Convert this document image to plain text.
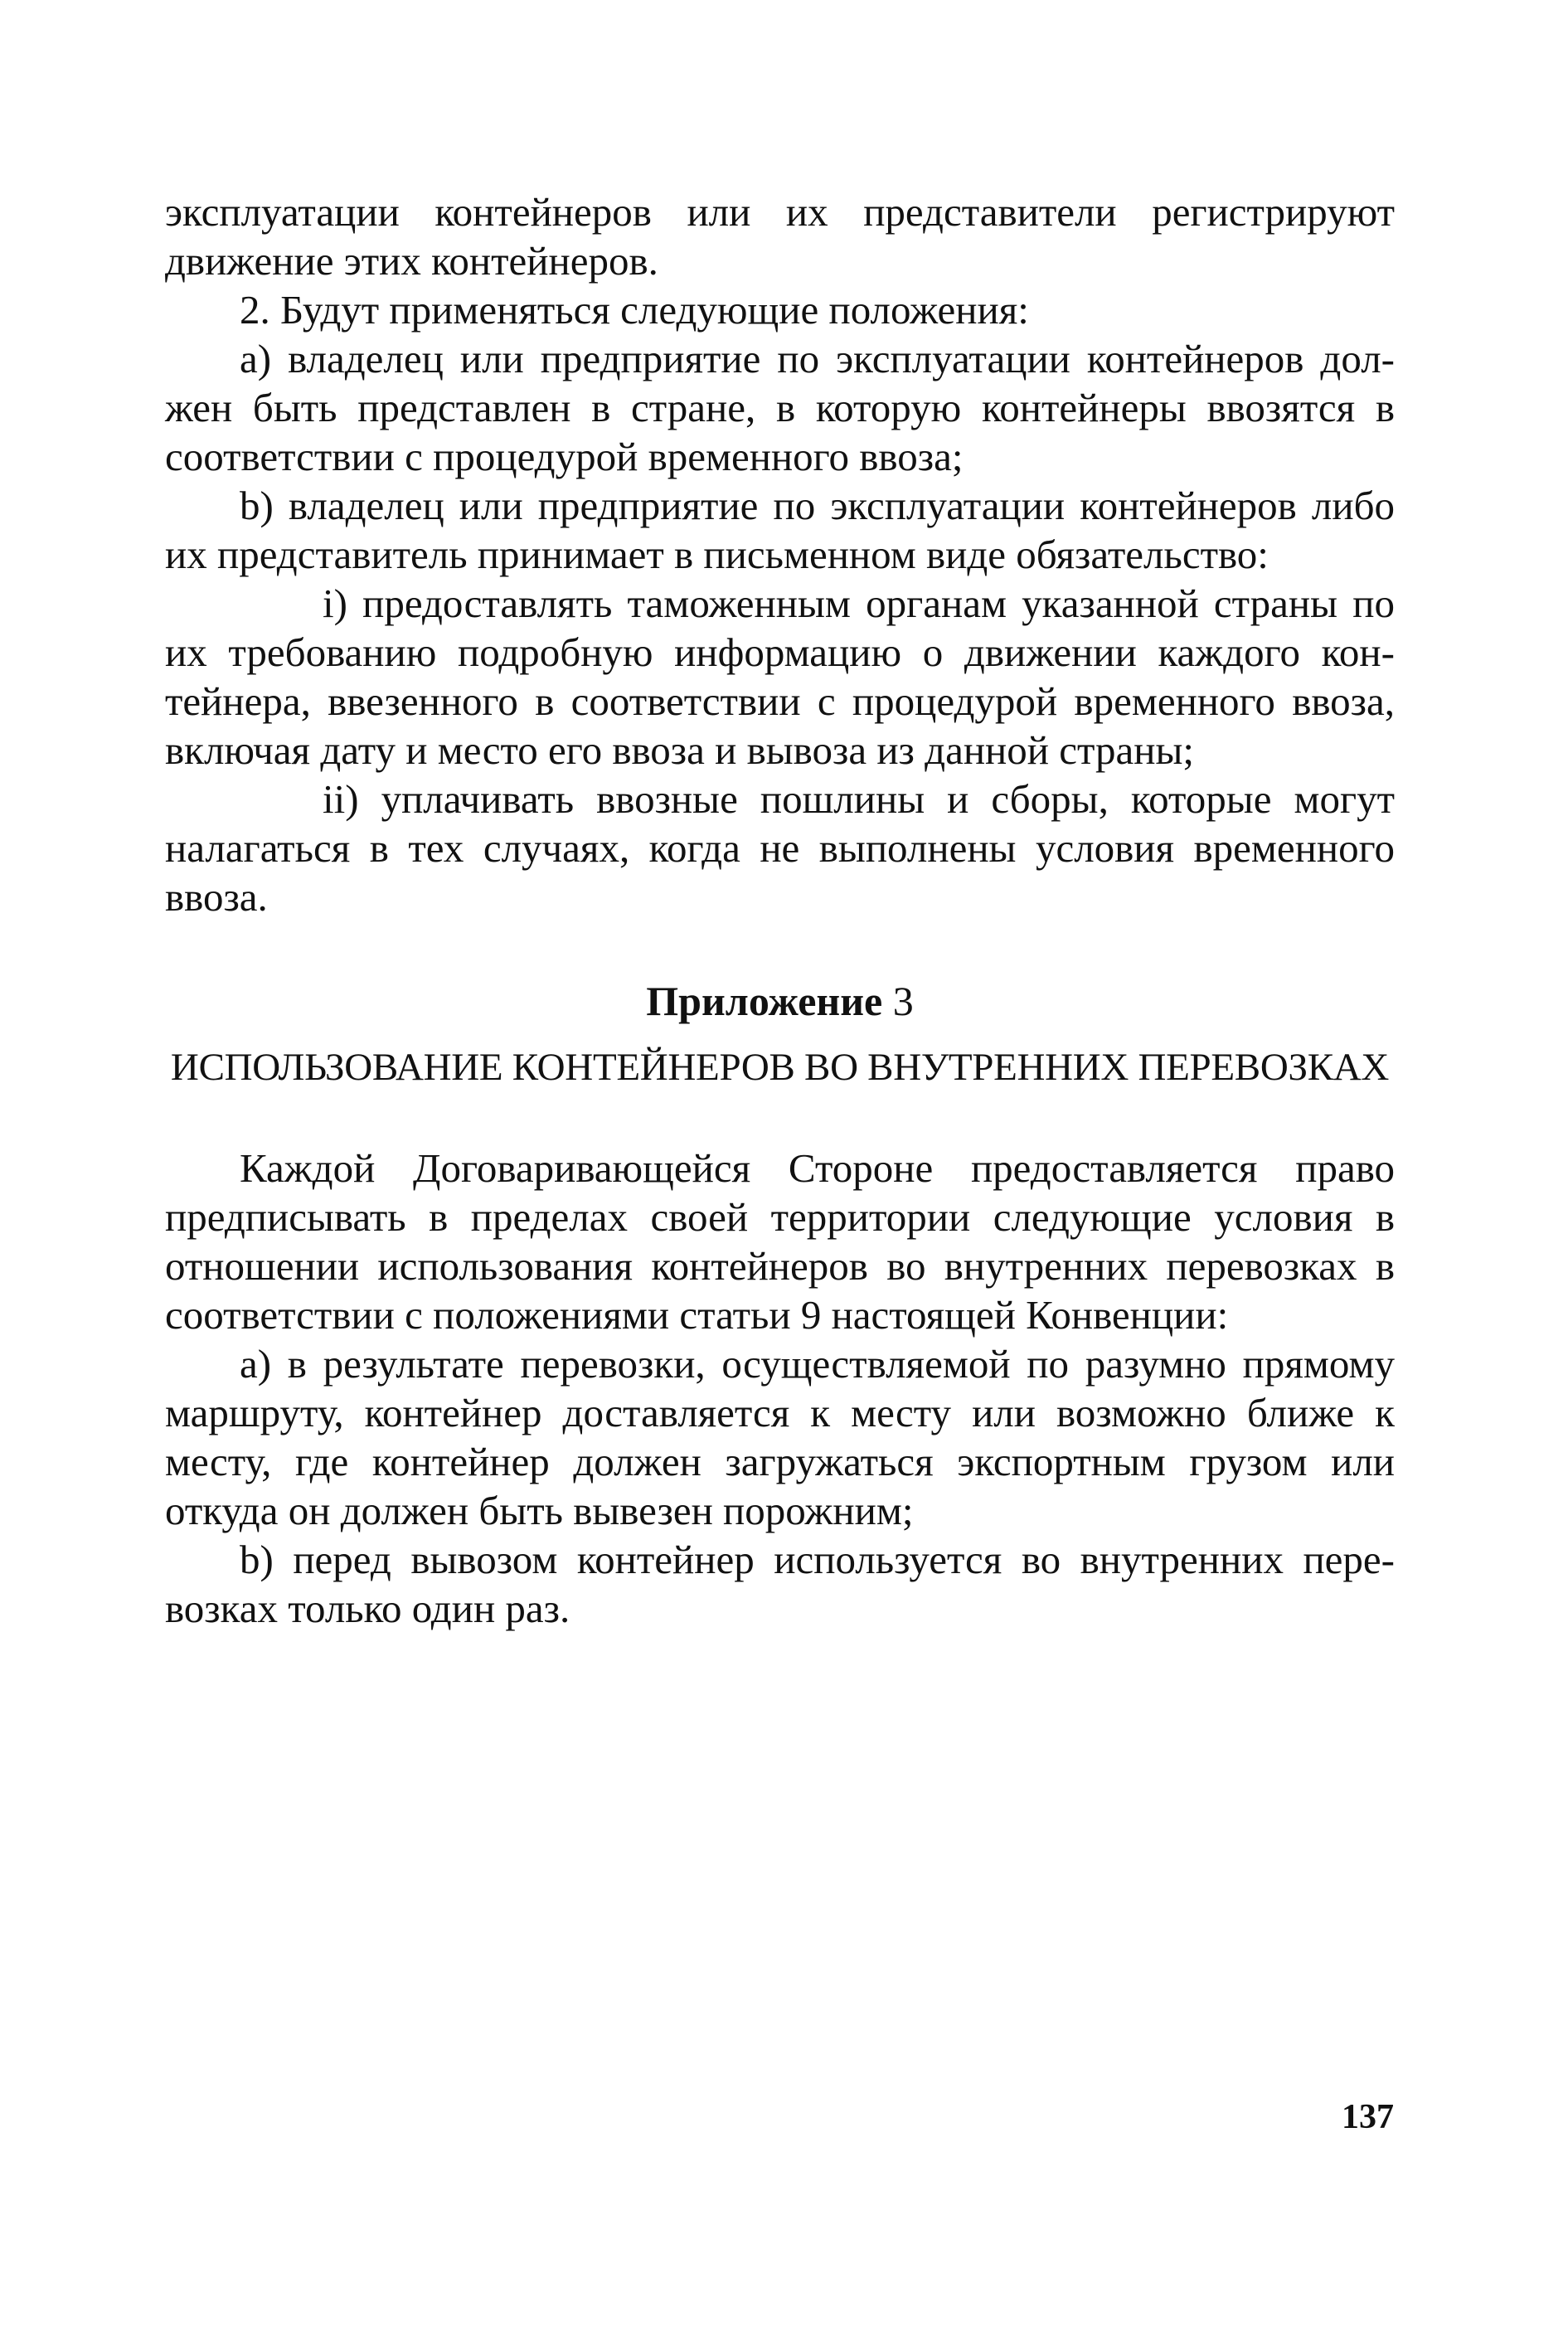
эксплуатации контейнеров или их представители регистрируют движение этих контейнеров.

2. Будут применяться следующие положения:

а) владелец или предприятие по эксплуатации контейнеров должен быть представлен в стране, в которую контейнеры ввозятся в соответствии с процедурой временного ввоза;

b) владелец или предприятие по эксплуатации контейнеров либо их представитель принимает в письменном виде обязательство:

i) предоставлять таможенным органам указанной страны по их требованию подробную информацию о движении каждого контейнера, ввезенного в соответствии с процедурой временного ввоза, включая дату и место его ввоза и вывоза из данной страны;

ii) уплачивать ввозные пошлины и сборы, которые могут налагаться в тех случаях, когда не выполнены условия временного ввоза.

Приложение 3

ИСПОЛЬЗОВАНИЕ КОНТЕЙНЕРОВ ВО ВНУТРЕННИХ ПЕРЕВОЗКАХ

Каждой Договаривающейся Стороне предоставляется право предписывать в пределах своей территории следующие условия в отношении использования контейнеров во внутренних перевозках в соответствии с положениями статьи 9 настоящей Конвенции:

а) в результате перевозки, осуществляемой по разумно прямому маршруту, контейнер доставляется к месту или возможно ближе к месту, где контейнер должен загружаться экспортным грузом или откуда он должен быть вывезен порожним;

b) перед вывозом контейнер используется во внутренних перевозках только один раз.

137
